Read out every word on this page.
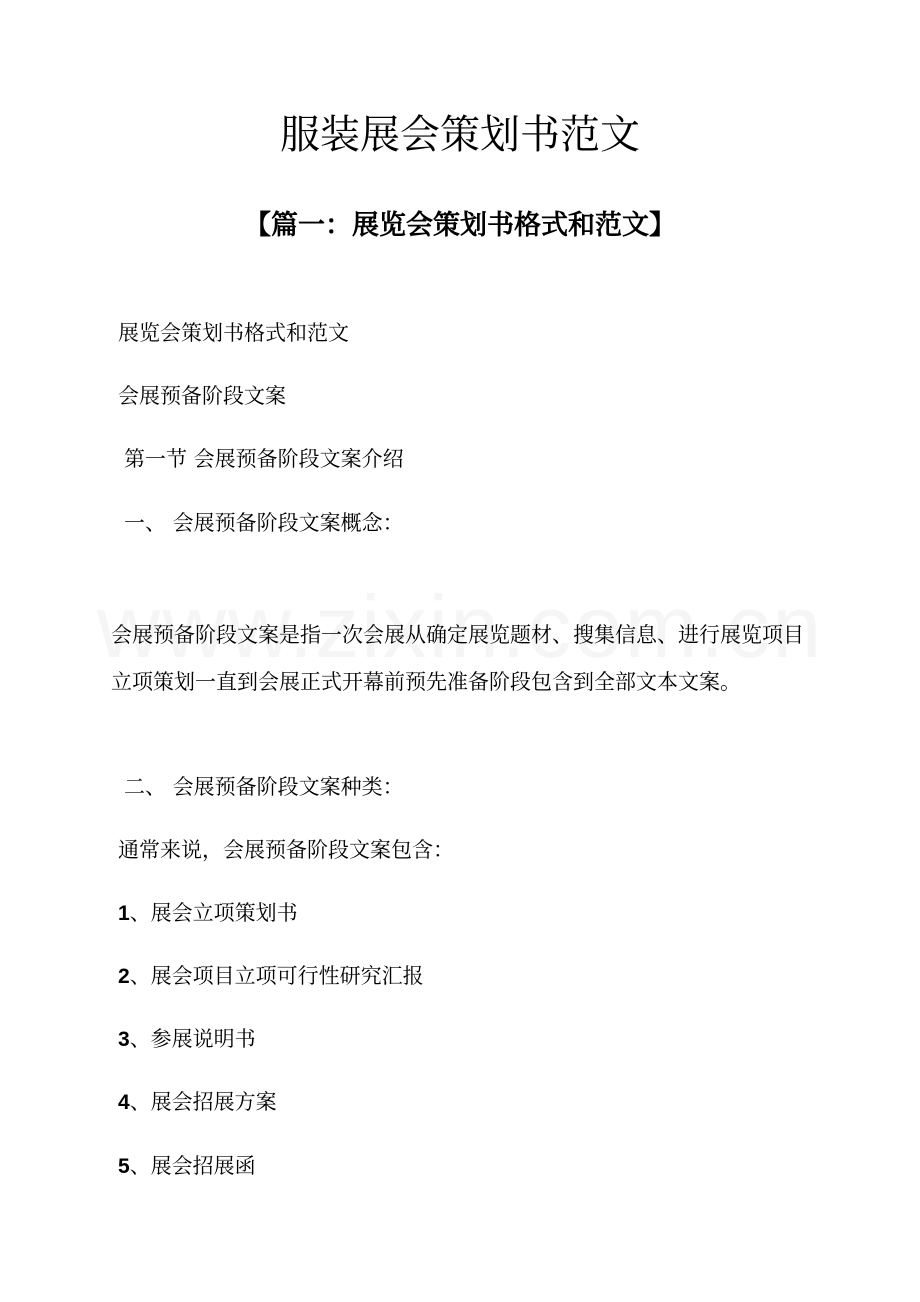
服装展会策划书范文
【篇一：展览会策划书格式和范文】

展览会策划书格式和范文

会展预备阶段文案

第一节 会展预备阶段文案介绍

一、 会展预备阶段文案概念：

会展预备阶段文案是指一次会展从确定展览题材、搜集信息、进行展览项目立项策划一直到会展正式开幕前预先准备阶段包含到全部文本文案。

二、 会展预备阶段文案种类：

通常来说，会展预备阶段文案包含：

1、展会立项策划书

2、展会项目立项可行性研究汇报

3、参展说明书

4、展会招展方案

5、展会招展函
